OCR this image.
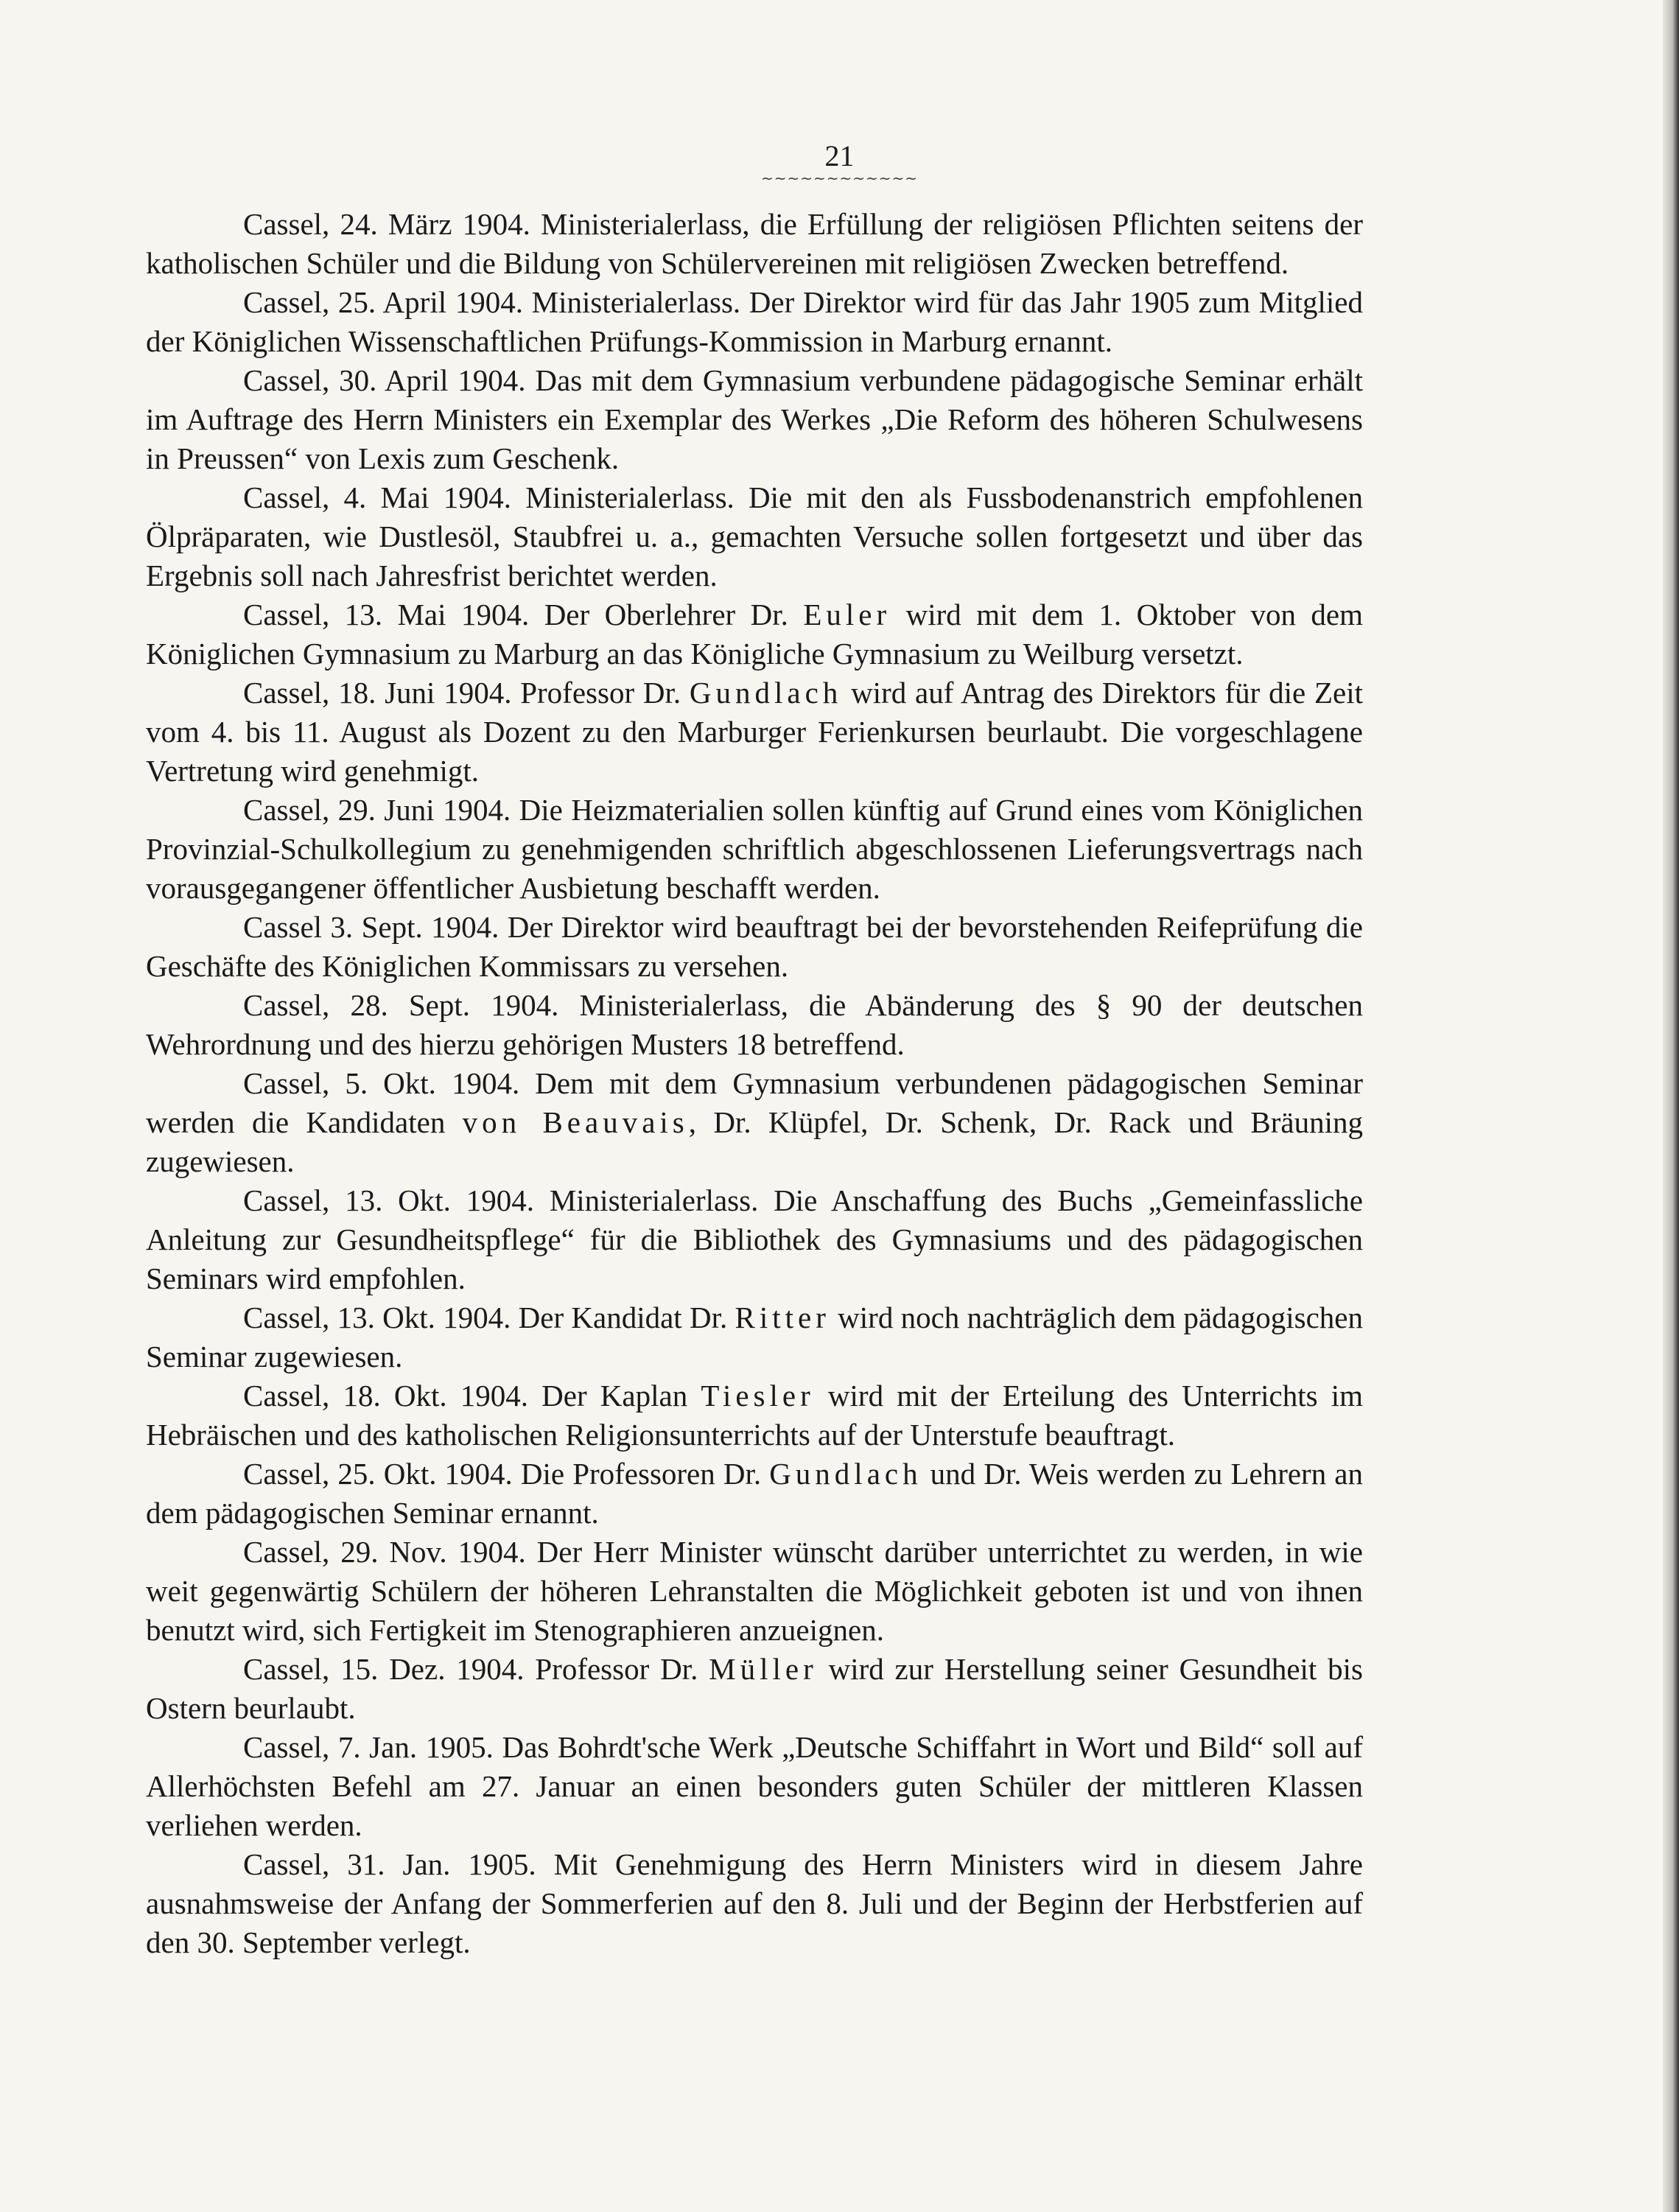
21
~~~~~~~~~~~~

Cassel, 24. März 1904. Ministerialerlass, die Erfüllung der religiösen Pflichten seitens der katholischen Schüler und die Bildung von Schülervereinen mit religiösen Zwecken betreffend.

Cassel, 25. April 1904. Ministerialerlass. Der Direktor wird für das Jahr 1905 zum Mitglied der Königlichen Wissenschaftlichen Prüfungs-Kommission in Marburg ernannt.

Cassel, 30. April 1904. Das mit dem Gymnasium verbundene pädagogische Seminar erhält im Auftrage des Herrn Ministers ein Exemplar des Werkes „Die Reform des höheren Schulwesens in Preussen“ von Lexis zum Geschenk.

Cassel, 4. Mai 1904. Ministerialerlass. Die mit den als Fussbodenanstrich empfohlenen Ölpräparaten, wie Dustlesöl, Staubfrei u. a., gemachten Versuche sollen fortgesetzt und über das Ergebnis soll nach Jahresfrist berichtet werden.

Cassel, 13. Mai 1904. Der Oberlehrer Dr. Euler wird mit dem 1. Oktober von dem Königlichen Gymnasium zu Marburg an das Königliche Gymnasium zu Weilburg versetzt.

Cassel, 18. Juni 1904. Professor Dr. Gundlach wird auf Antrag des Direktors für die Zeit vom 4. bis 11. August als Dozent zu den Marburger Ferienkursen beurlaubt. Die vorgeschlagene Vertretung wird genehmigt.

Cassel, 29. Juni 1904. Die Heizmaterialien sollen künftig auf Grund eines vom Königlichen Provinzial-Schulkollegium zu genehmigenden schriftlich abgeschlossenen Lieferungsvertrags nach vorausgegangener öffentlicher Ausbietung beschafft werden.

Cassel 3. Sept. 1904. Der Direktor wird beauftragt bei der bevorstehenden Reifeprüfung die Geschäfte des Königlichen Kommissars zu versehen.

Cassel, 28. Sept. 1904. Ministerialerlass, die Abänderung des § 90 der deutschen Wehrordnung und des hierzu gehörigen Musters 18 betreffend.

Cassel, 5. Okt. 1904. Dem mit dem Gymnasium verbundenen pädagogischen Seminar werden die Kandidaten von Beauvais, Dr. Klüpfel, Dr. Schenk, Dr. Rack und Bräuning zugewiesen.

Cassel, 13. Okt. 1904. Ministerialerlass. Die Anschaffung des Buchs „Gemeinfassliche Anleitung zur Gesundheitspflege“ für die Bibliothek des Gymnasiums und des pädagogischen Seminars wird empfohlen.

Cassel, 13. Okt. 1904. Der Kandidat Dr. Ritter wird noch nachträglich dem pädagogischen Seminar zugewiesen.

Cassel, 18. Okt. 1904. Der Kaplan Tiesler wird mit der Erteilung des Unterrichts im Hebräischen und des katholischen Religionsunterrichts auf der Unterstufe beauftragt.

Cassel, 25. Okt. 1904. Die Professoren Dr. Gundlach und Dr. Weis werden zu Lehrern an dem pädagogischen Seminar ernannt.

Cassel, 29. Nov. 1904. Der Herr Minister wünscht darüber unterrichtet zu werden, in wie weit gegenwärtig Schülern der höheren Lehranstalten die Möglichkeit geboten ist und von ihnen benutzt wird, sich Fertigkeit im Stenographieren anzueignen.

Cassel, 15. Dez. 1904. Professor Dr. Müller wird zur Herstellung seiner Gesundheit bis Ostern beurlaubt.

Cassel, 7. Jan. 1905. Das Bohrdt'sche Werk „Deutsche Schiffahrt in Wort und Bild“ soll auf Allerhöchsten Befehl am 27. Januar an einen besonders guten Schüler der mittleren Klassen verliehen werden.

Cassel, 31. Jan. 1905. Mit Genehmigung des Herrn Ministers wird in diesem Jahre ausnahmsweise der Anfang der Sommerferien auf den 8. Juli und der Beginn der Herbstferien auf den 30. September verlegt.
